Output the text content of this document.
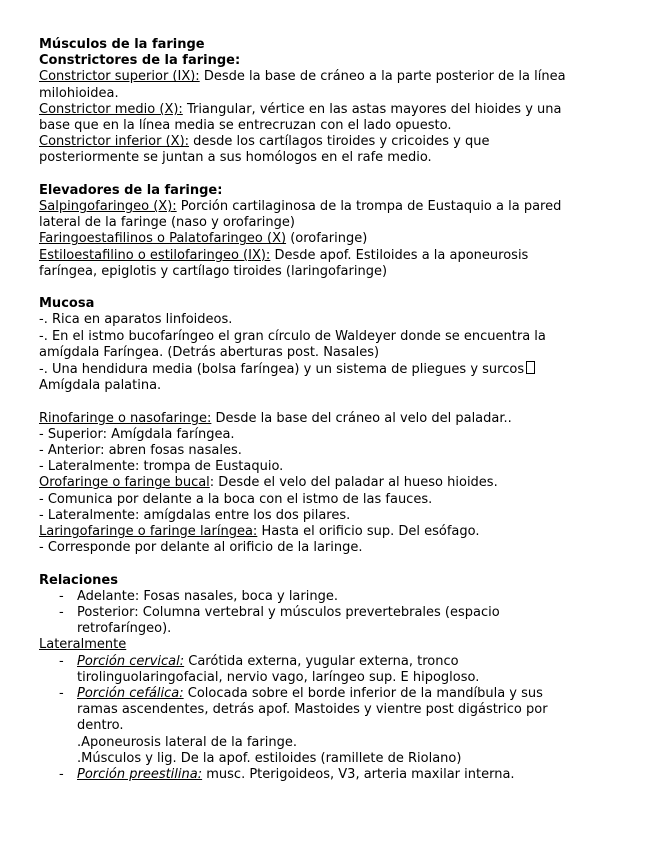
Músculos de la faringe
Constrictores de la faringe:
Constrictor superior (IX): Desde la base de cráneo a la parte posterior de la línea
milohioidea.
Constrictor medio (X): Triangular, vértice en las astas mayores del hioides y una
base que en la línea media se entrecruzan con el lado opuesto.
Constrictor inferior (X): desde los cartílagos tiroides y cricoides y que
posteriormente se juntan a sus homólogos en el rafe medio.
Elevadores de la faringe:
Salpingofaringeo (X): Porción cartilaginosa de la trompa de Eustaquio a la pared
lateral de la faringe (naso y orofaringe)
Faringoestafilinos o Palatofaringeo (X) (orofaringe)
Estiloestafilino o estilofaringeo (IX): Desde apof. Estiloides a la aponeurosis
faríngea, epiglotis y cartílago tiroides (laringofaringe)
Mucosa
-. Rica en aparatos linfoideos.
-. En el istmo bucofaríngeo el gran círculo de Waldeyer donde se encuentra la
amígdala Faríngea. (Detrás aberturas post. Nasales)
-. Una hendidura media (bolsa faríngea) y un sistema de pliegues y surcos
Amígdala palatina.
Rinofaringe o nasofaringe: Desde la base del cráneo al velo del paladar..
- Superior: Amígdala faríngea.
- Anterior: abren fosas nasales.
- Lateralmente: trompa de Eustaquio.
Orofaringe o faringe bucal: Desde el velo del paladar al hueso hioides.
- Comunica por delante a la boca con el istmo de las fauces.
- Lateralmente: amígdalas entre los dos pilares.
Laringofaringe o faringe laríngea: Hasta el orificio sup. Del esófago.
- Corresponde por delante al orificio de la laringe.
Relaciones
- Adelante: Fosas nasales, boca y laringe.
- Posterior: Columna vertebral y músculos prevertebrales (espacio
retrofaríngeo).
Lateralmente
- Porción cervical: Carótida externa, yugular externa, tronco
tirolinguolaringofacial, nervio vago, laríngeo sup. E hipogloso.
- Porción cefálica: Colocada sobre el borde inferior de la mandíbula y sus
ramas ascendentes, detrás apof. Mastoides y vientre post digástrico por
dentro.
.Aponeurosis lateral de la faringe.
.Músculos y lig. De la apof. estiloides (ramillete de Riolano)
- Porción preestilina: musc. Pterigoideos, V3, arteria maxilar interna.
